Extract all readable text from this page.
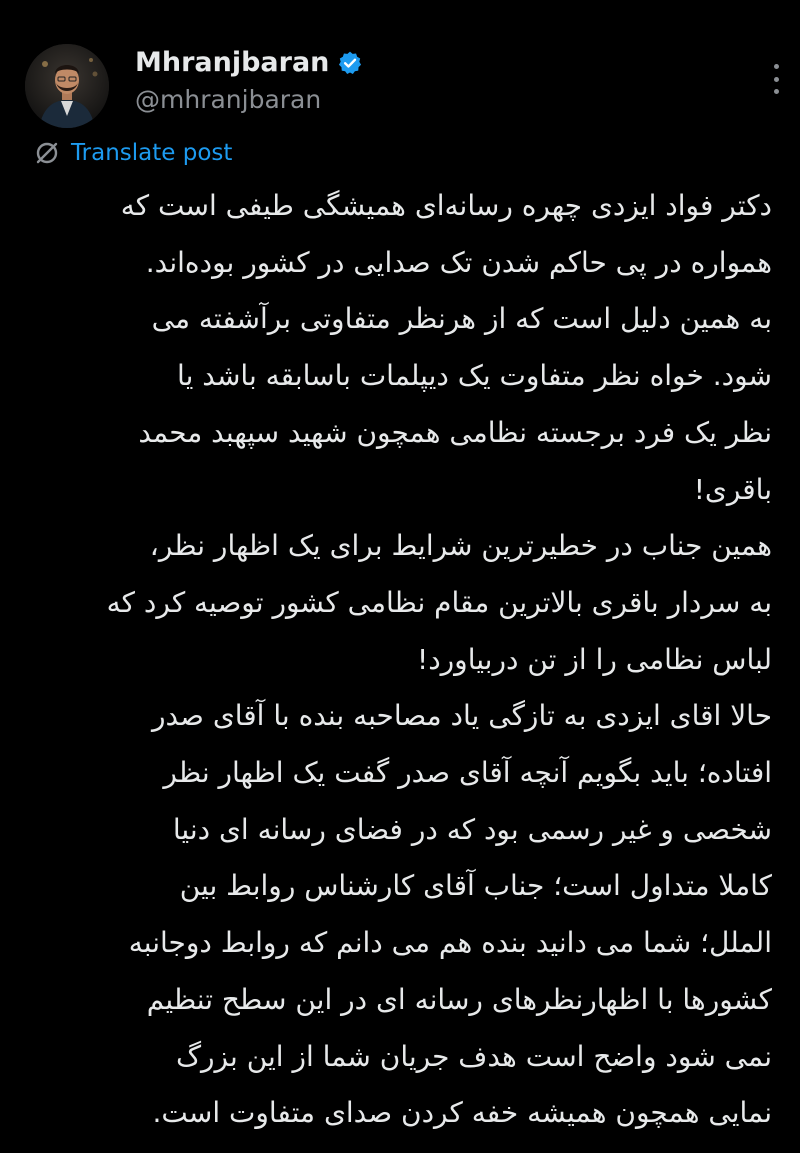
Mhranjbaran
@mhranjbaran
Translate post
دکتر فواد ایزدی چهره رسانه‌ای همیشگی طیفی است که
همواره در پی حاکم شدن تک صدایی در کشور بوده‌اند.
به همین دلیل است که از هرنظر متفاوتی برآشفته می
شود. خواه نظر متفاوت یک دیپلمات باسابقه باشد یا
نظر یک فرد برجسته نظامی همچون شهید سپهبد محمد
باقری!
همین جناب در خطیرترین شرایط برای یک اظهار نظر،
به سردار باقری بالاترین مقام نظامی کشور توصیه کرد که
لباس نظامی را از تن دربیاورد!
حالا اقای ایزدی به تازگی یاد مصاحبه بنده با آقای صدر
افتاده؛ باید بگویم آنچه آقای صدر گفت یک اظهار نظر
شخصی و غیر رسمی بود که در فضای رسانه ای دنیا
کاملا متداول است؛ جناب آقای کارشناس روابط بین
الملل؛ شما می دانید بنده هم می دانم که روابط دوجانبه
کشورها با اظهارنظرهای رسانه ای در این سطح تنظیم
نمی شود واضح است هدف جریان شما از این بزرگ
نمایی همچون همیشه خفه کردن صدای متفاوت است.
